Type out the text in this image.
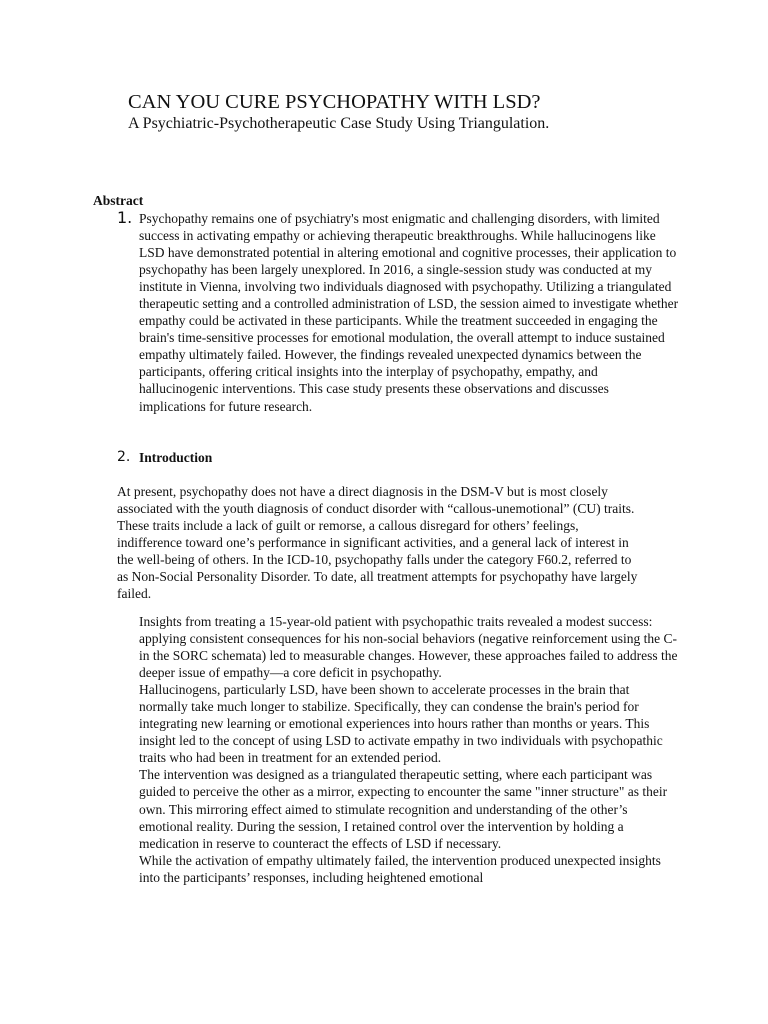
CAN YOU CURE PSYCHOPATHY WITH LSD?
A Psychiatric-Psychotherapeutic Case Study Using Triangulation.
Abstract
1. Psychopathy remains one of psychiatry's most enigmatic and challenging disorders, with limited success in activating empathy or achieving therapeutic breakthroughs. While hallucinogens like LSD have demonstrated potential in altering emotional and cognitive processes, their application to psychopathy has been largely unexplored. In 2016, a single-session study was conducted at my institute in Vienna, involving two individuals diagnosed with psychopathy. Utilizing a triangulated therapeutic setting and a controlled administration of LSD, the session aimed to investigate whether empathy could be activated in these participants. While the treatment succeeded in engaging the brain's time-sensitive processes for emotional modulation, the overall attempt to induce sustained empathy ultimately failed. However, the findings revealed unexpected dynamics between the participants, offering critical insights into the interplay of psychopathy, empathy, and hallucinogenic interventions. This case study presents these observations and discusses implications for future research.

2. Introduction

At present, psychopathy does not have a direct diagnosis in the DSM-V but is most closely associated with the youth diagnosis of conduct disorder with “callous-unemotional” (CU) traits. These traits include a lack of guilt or remorse, a callous disregard for others’ feelings, indifference toward one’s performance in significant activities, and a general lack of interest in the well-being of others. In the ICD-10, psychopathy falls under the category F60.2, referred to as Non-Social Personality Disorder. To date, all treatment attempts for psychopathy have largely failed.

Insights from treating a 15-year-old patient with psychopathic traits revealed a modest success: applying consistent consequences for his non-social behaviors (negative reinforcement using the C- in the SORC schemata) led to measurable changes. However, these approaches failed to address the deeper issue of empathy—a core deficit in psychopathy.

Hallucinogens, particularly LSD, have been shown to accelerate processes in the brain that normally take much longer to stabilize. Specifically, they can condense the brain's period for integrating new learning or emotional experiences into hours rather than months or years. This insight led to the concept of using LSD to activate empathy in two individuals with psychopathic traits who had been in treatment for an extended period.

The intervention was designed as a triangulated therapeutic setting, where each participant was guided to perceive the other as a mirror, expecting to encounter the same "inner structure" as their own. This mirroring effect aimed to stimulate recognition and understanding of the other’s emotional reality. During the session, I retained control over the intervention by holding a medication in reserve to counteract the effects of LSD if necessary.

While the activation of empathy ultimately failed, the intervention produced unexpected insights into the participants’ responses, including heightened emotional
